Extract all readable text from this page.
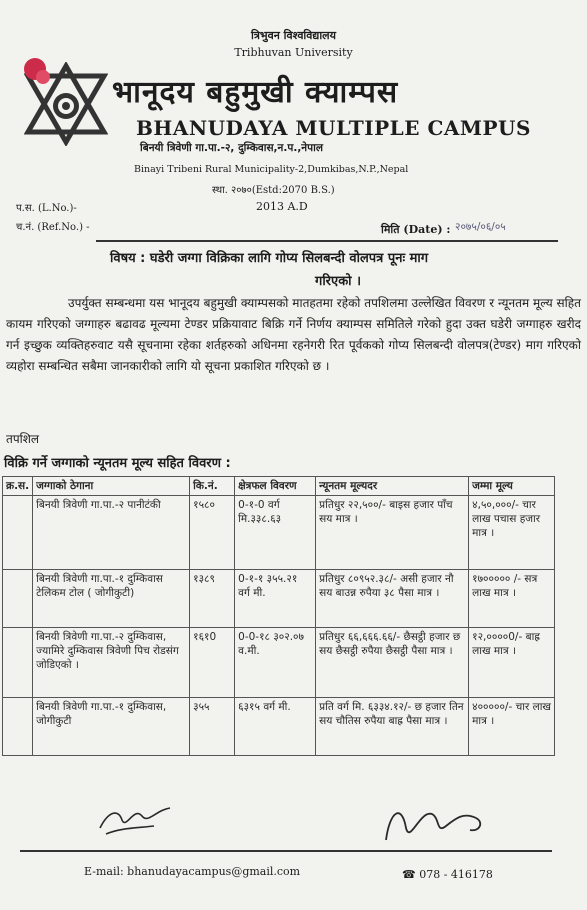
त्रिभुवन विश्वविद्यालय
Tribhuvan University
भानूदय बहुमुखी क्याम्पस
BHANUDAYA MULTIPLE CAMPUS
बिनयी त्रिवेणी गा.पा.-२, दुम्किवास,न.प.,नेपाल
Binayi Tribeni Rural Municipality-2,Dumkibas,N.P.,Nepal
स्था. २०७०(Estd:2070 B.S.)
2013 A.D
प.स. (L.No.)-
च.नं. (Ref.No.) -	मिति (Date) : २०७५/०६/०५
विषय : घडेरी जग्गा विक्रिका लागि गोप्य सिलबन्दी वोलपत्र पूनः माग
गरिएको ।

उपर्युक्त सम्बन्धमा यस भानूदय बहुमुखी क्याम्पसको मातहतमा रहेको तपशिलमा उल्लेखित विवरण र न्यूनतम मूल्य सहित कायम गरिएको जग्गाहरु बढावढ मूल्यमा टेण्डर प्रक्रियावाट बिक्रि गर्ने निर्णय क्याम्पस समितिले गरेको हुदा उक्त घडेरी जग्गाहरु खरीद गर्न इच्छुक व्यक्तिहरुवाट यसै सूचनामा रहेका शर्तहरुको अधिनमा रहनेगरी रित पूर्वकको गोप्य सिलबन्दी वोलपत्र(टेण्डर) माग गरिएको व्यहोरा सम्बन्धित सबैमा जानकारीको लागि यो सूचना प्रकाशित गरिएको छ ।

तपशिल
विक्रि गर्ने जग्गाको न्यूनतम मूल्य सहित विवरण :
क्र.स.	जग्गाको ठेगाना	कि.नं.	क्षेत्रफल विवरण	न्यूनतम मूल्यदर	जम्मा मूल्य
	बिनयी त्रिवेणी गा.पा.-२ पानीटंकी	१५८०	0-१-0 वर्ग मि.३३८.६३	प्रतिधुर २२,५००/- बाइस हजार पाँच सय मात्र ।	४,५०,०००/- चार लाख पचास हजार मात्र ।
	बिनयी त्रिवेणी गा.पा.-१ दुम्किवास टेलिकम टोल ( जोगीकुटी)	१३८९	0-१-१ ३५५.२१ वर्ग मी.	प्रतिधुर ८०९५२.३८/- असी हजार नौ सय बाउन्न रुपैया ३८ पैसा मात्र ।	१७००००० /- सत्र लाख मात्र ।
	बिनयी त्रिवेणी गा.पा.-२ दुम्किवास, ज्यामिरे दुम्किवास त्रिवेणी पिच रोडसंग जोडिएको ।	१६१0	0-0-१८ ३०२.०७ व.मी.	प्रतिधुर ६६,६६६.६६/- छैसट्ठी हजार छ सय छैसट्ठी रुपैया छैसट्ठी पैसा मात्र ।	१२,००००0/- बाह्र लाख मात्र ।
	बिनयी त्रिवेणी गा.पा.-१ दुम्किवास, जोगीकुटी	३५५	६३१५ वर्ग मी.	प्रति वर्ग मि. ६३३४.१२/- छ हजार तिन सय चौतिस रुपैया बाह्र पैसा मात्र ।	४०००००/- चार लाख मात्र ।
E-mail: bhanudayacampus@gmail.com	☎ 078 - 416178
